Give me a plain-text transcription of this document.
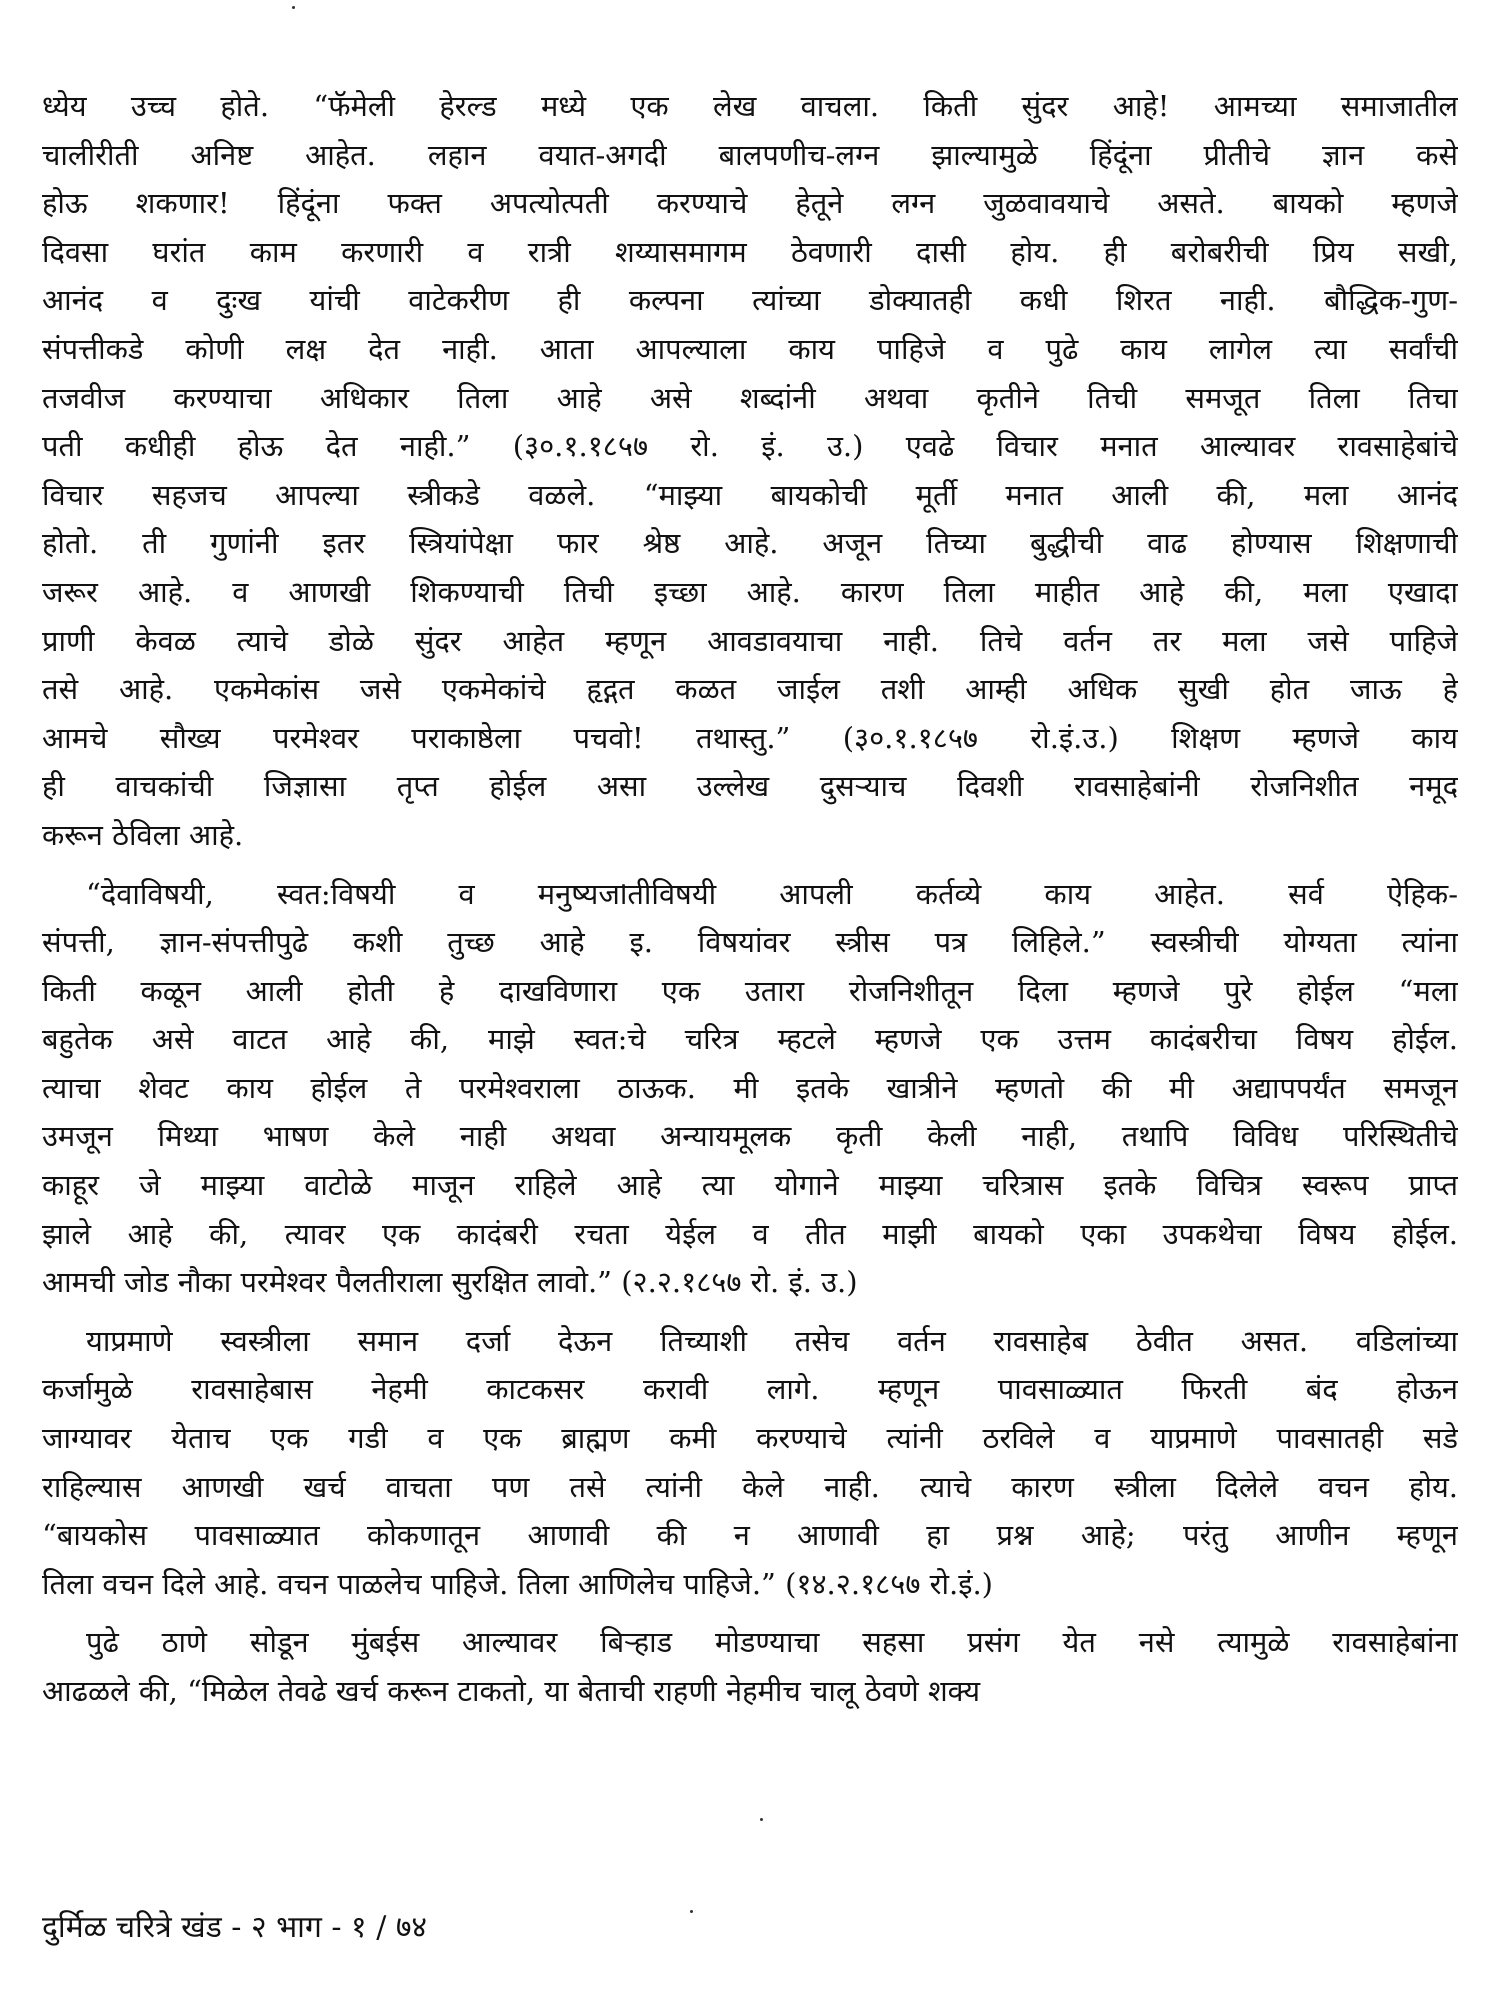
ध्येय उच्च होते. “फॅमेली हेरल्ड मध्ये एक लेख वाचला. किती सुंदर आहे! आमच्या समाजातील
चालीरीती अनिष्ट आहेत. लहान वयात-अगदी बालपणीच-लग्न झाल्यामुळे हिंदूंना प्रीतीचे ज्ञान कसे
होऊ शकणार! हिंदूंना फक्त अपत्योत्पती करण्याचे हेतूने लग्न जुळवावयाचे असते. बायको म्हणजे
दिवसा घरांत काम करणारी व रात्री शय्यासमागम ठेवणारी दासी होय. ही बरोबरीची प्रिय सखी,
आनंद व दुःख यांची वाटेकरीण ही कल्पना त्यांच्या डोक्यातही कधी शिरत नाही. बौद्धिक-गुण-
संपत्तीकडे कोणी लक्ष देत नाही. आता आपल्याला काय पाहिजे व पुढे काय लागेल त्या सर्वांची
तजवीज करण्याचा अधिकार तिला आहे असे शब्दांनी अथवा कृतीने तिची समजूत तिला तिचा
पती कधीही होऊ देत नाही.” (३०.१.१८५७ रो. इं. उ.) एवढे विचार मनात आल्यावर रावसाहेबांचे
विचार सहजच आपल्या स्त्रीकडे वळले. “माझ्या बायकोची मूर्ती मनात आली की, मला आनंद
होतो. ती गुणांनी इतर स्त्रियांपेक्षा फार श्रेष्ठ आहे. अजून तिच्या बुद्धीची वाढ होण्यास शिक्षणाची
जरूर आहे. व आणखी शिकण्याची तिची इच्छा आहे. कारण तिला माहीत आहे की, मला एखादा
प्राणी केवळ त्याचे डोळे सुंदर आहेत म्हणून आवडावयाचा नाही. तिचे वर्तन तर मला जसे पाहिजे
तसे आहे. एकमेकांस जसे एकमेकांचे हृद्गत कळत जाईल तशी आम्ही अधिक सुखी होत जाऊ हे
आमचे सौख्य परमेश्वर पराकाष्ठेला पचवो! तथास्तु.” (३०.१.१८५७ रो.इं.उ.) शिक्षण म्हणजे काय
ही वाचकांची जिज्ञासा तृप्त होईल असा उल्लेख दुसऱ्याच दिवशी रावसाहेबांनी रोजनिशीत नमूद
करून ठेविला आहे.
“देवाविषयी, स्वत:विषयी व मनुष्यजातीविषयी आपली कर्तव्ये काय आहेत. सर्व ऐहिक-
संपत्ती, ज्ञान-संपत्तीपुढे कशी तुच्छ आहे इ. विषयांवर स्त्रीस पत्र लिहिले.” स्वस्त्रीची योग्यता त्यांना
किती कळून आली होती हे दाखविणारा एक उतारा रोजनिशीतून दिला म्हणजे पुरे होईल “मला
बहुतेक असे वाटत आहे की, माझे स्वत:चे चरित्र म्हटले म्हणजे एक उत्तम कादंबरीचा विषय होईल.
त्याचा शेवट काय होईल ते परमेश्वराला ठाऊक. मी इतके खात्रीने म्हणतो की मी अद्यापपर्यंत समजून
उमजून मिथ्या भाषण केले नाही अथवा अन्यायमूलक कृती केली नाही, तथापि विविध परिस्थितीचे
काहूर जे माझ्या वाटोळे माजून राहिले आहे त्या योगाने माझ्या चरित्रास इतके विचित्र स्वरूप प्राप्त
झाले आहे की, त्यावर एक कादंबरी रचता येईल व तीत माझी बायको एका उपकथेचा विषय होईल.
आमची जोड नौका परमेश्वर पैलतीराला सुरक्षित लावो.” (२.२.१८५७ रो. इं. उ.)
याप्रमाणे स्वस्त्रीला समान दर्जा देऊन तिच्याशी तसेच वर्तन रावसाहेब ठेवीत असत. वडिलांच्या
कर्जामुळे रावसाहेबास नेहमी काटकसर करावी लागे. म्हणून पावसाळ्यात फिरती बंद होऊन
जाग्यावर येताच एक गडी व एक ब्राह्मण कमी करण्याचे त्यांनी ठरविले व याप्रमाणे पावसातही सडे
राहिल्यास आणखी खर्च वाचता पण तसे त्यांनी केले नाही. त्याचे कारण स्त्रीला दिलेले वचन होय.
“बायकोस पावसाळ्यात कोकणातून आणावी की न आणावी हा प्रश्न आहे; परंतु आणीन म्हणून
तिला वचन दिले आहे. वचन पाळलेच पाहिजे. तिला आणिलेच पाहिजे.” (१४.२.१८५७ रो.इं.)
पुढे ठाणे सोडून मुंबईस आल्यावर बिऱ्हाड मोडण्याचा सहसा प्रसंग येत नसे त्यामुळे रावसाहेबांना
आढळले की, “मिळेल तेवढे खर्च करून टाकतो, या बेताची राहणी नेहमीच चालू ठेवणे शक्य
दुर्मिळ चरित्रे खंड - २ भाग - १ / ७४
